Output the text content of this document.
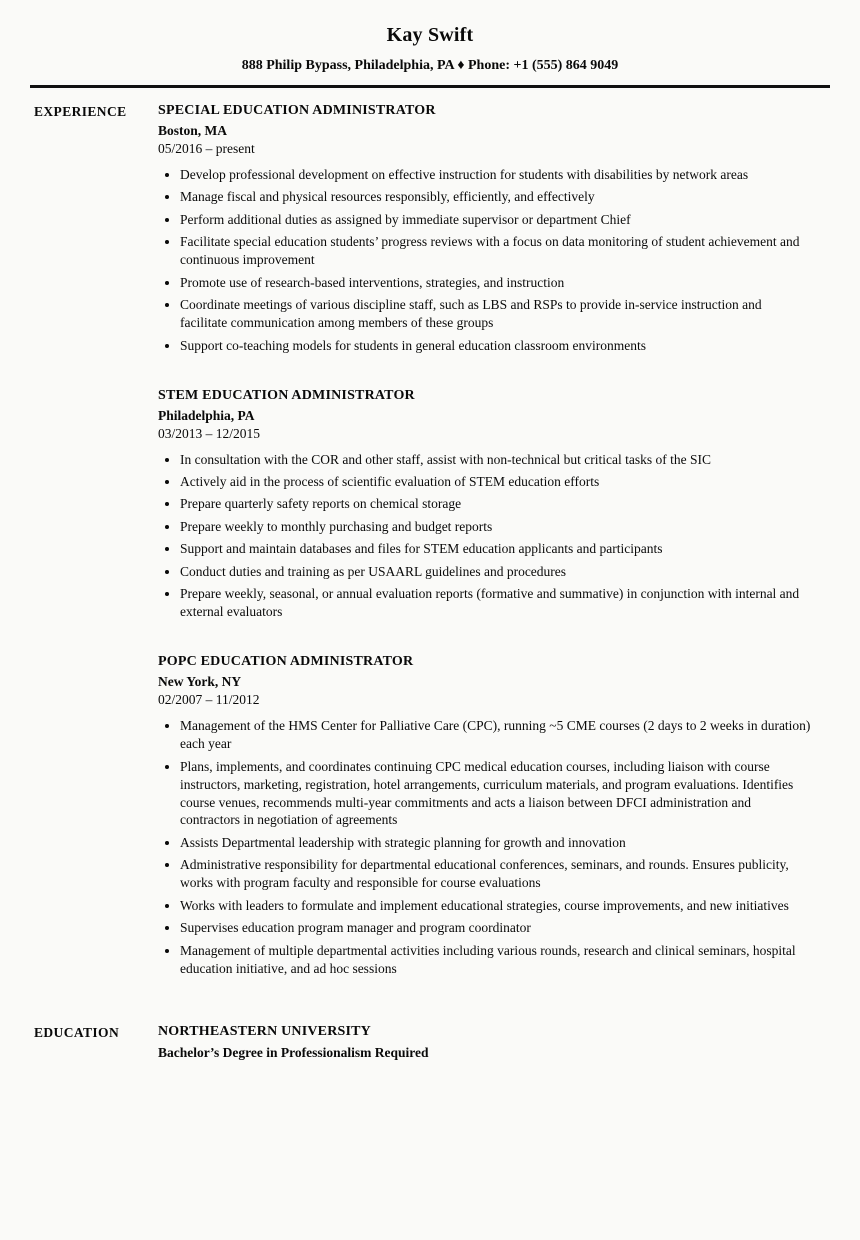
Kay Swift
888 Philip Bypass, Philadelphia, PA ♦ Phone: +1 (555) 864 9049
EXPERIENCE	SPECIAL EDUCATION ADMINISTRATOR
Boston, MA
05/2016 – present
• Develop professional development on effective instruction for students with disabilities by network areas
• Manage fiscal and physical resources responsibly, efficiently, and effectively
• Perform additional duties as assigned by immediate supervisor or department Chief
• Facilitate special education students’ progress reviews with a focus on data monitoring of student achievement and continuous improvement
• Promote use of research-based interventions, strategies, and instruction
• Coordinate meetings of various discipline staff, such as LBS and RSPs to provide in-service instruction and facilitate communication among members of these groups
• Support co-teaching models for students in general education classroom environments
STEM EDUCATION ADMINISTRATOR
Philadelphia, PA
03/2013 – 12/2015
• In consultation with the COR and other staff, assist with non-technical but critical tasks of the SIC
• Actively aid in the process of scientific evaluation of STEM education efforts
• Prepare quarterly safety reports on chemical storage
• Prepare weekly to monthly purchasing and budget reports
• Support and maintain databases and files for STEM education applicants and participants
• Conduct duties and training as per USAARL guidelines and procedures
• Prepare weekly, seasonal, or annual evaluation reports (formative and summative) in conjunction with internal and external evaluators
POPC EDUCATION ADMINISTRATOR
New York, NY
02/2007 – 11/2012
• Management of the HMS Center for Palliative Care (CPC), running ~5 CME courses (2 days to 2 weeks in duration) each year
• Plans, implements, and coordinates continuing CPC medical education courses, including liaison with course instructors, marketing, registration, hotel arrangements, curriculum materials, and program evaluations. Identifies course venues, recommends multi-year commitments and acts a liaison between DFCI administration and contractors in negotiation of agreements
• Assists Departmental leadership with strategic planning for growth and innovation
• Administrative responsibility for departmental educational conferences, seminars, and rounds. Ensures publicity, works with program faculty and responsible for course evaluations
• Works with leaders to formulate and implement educational strategies, course improvements, and new initiatives
• Supervises education program manager and program coordinator
• Management of multiple departmental activities including various rounds, research and clinical seminars, hospital education initiative, and ad hoc sessions
EDUCATION	NORTHEASTERN UNIVERSITY
Bachelor’s Degree in Professionalism Required
